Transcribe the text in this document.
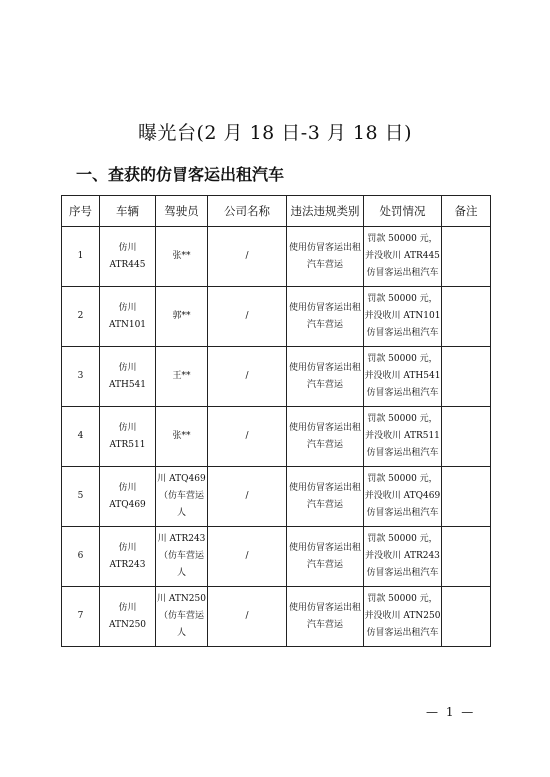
曝光台(2 月 18 日-3 月 18 日)
一、查获的仿冒客运出租汽车
序号	车辆	驾驶员	公司名称	违法违规类别	处罚情况	备注
1	仿川 ATR445	张**	/	使用仿冒客运出租汽车营运	罚款 50000 元，并没收川 ATR445 仿冒客运出租汽车	
2	仿川 ATN101	郭**	/	使用仿冒客运出租汽车营运	罚款 50000 元，并没收川 ATN101 仿冒客运出租汽车	
3	仿川 ATH541	王**	/	使用仿冒客运出租汽车营运	罚款 50000 元，并没收川 ATH541 仿冒客运出租汽车	
4	仿川 ATR511	张**	/	使用仿冒客运出租汽车营运	罚款 50000 元，并没收川 ATR511 仿冒客运出租汽车	
5	仿川 ATQ469	川 ATQ469（仿车营运人	/	使用仿冒客运出租汽车营运	罚款 50000 元，并没收川 ATQ469 仿冒客运出租汽车	
6	仿川 ATR243	川 ATR243（仿车营运人	/	使用仿冒客运出租汽车营运	罚款 50000 元，并没收川 ATR243 仿冒客运出租汽车	
7	仿川 ATN250	川 ATN250（仿车营运人	/	使用仿冒客运出租汽车营运	罚款 50000 元，并没收川 ATN250 仿冒客运出租汽车	
— 1 —
